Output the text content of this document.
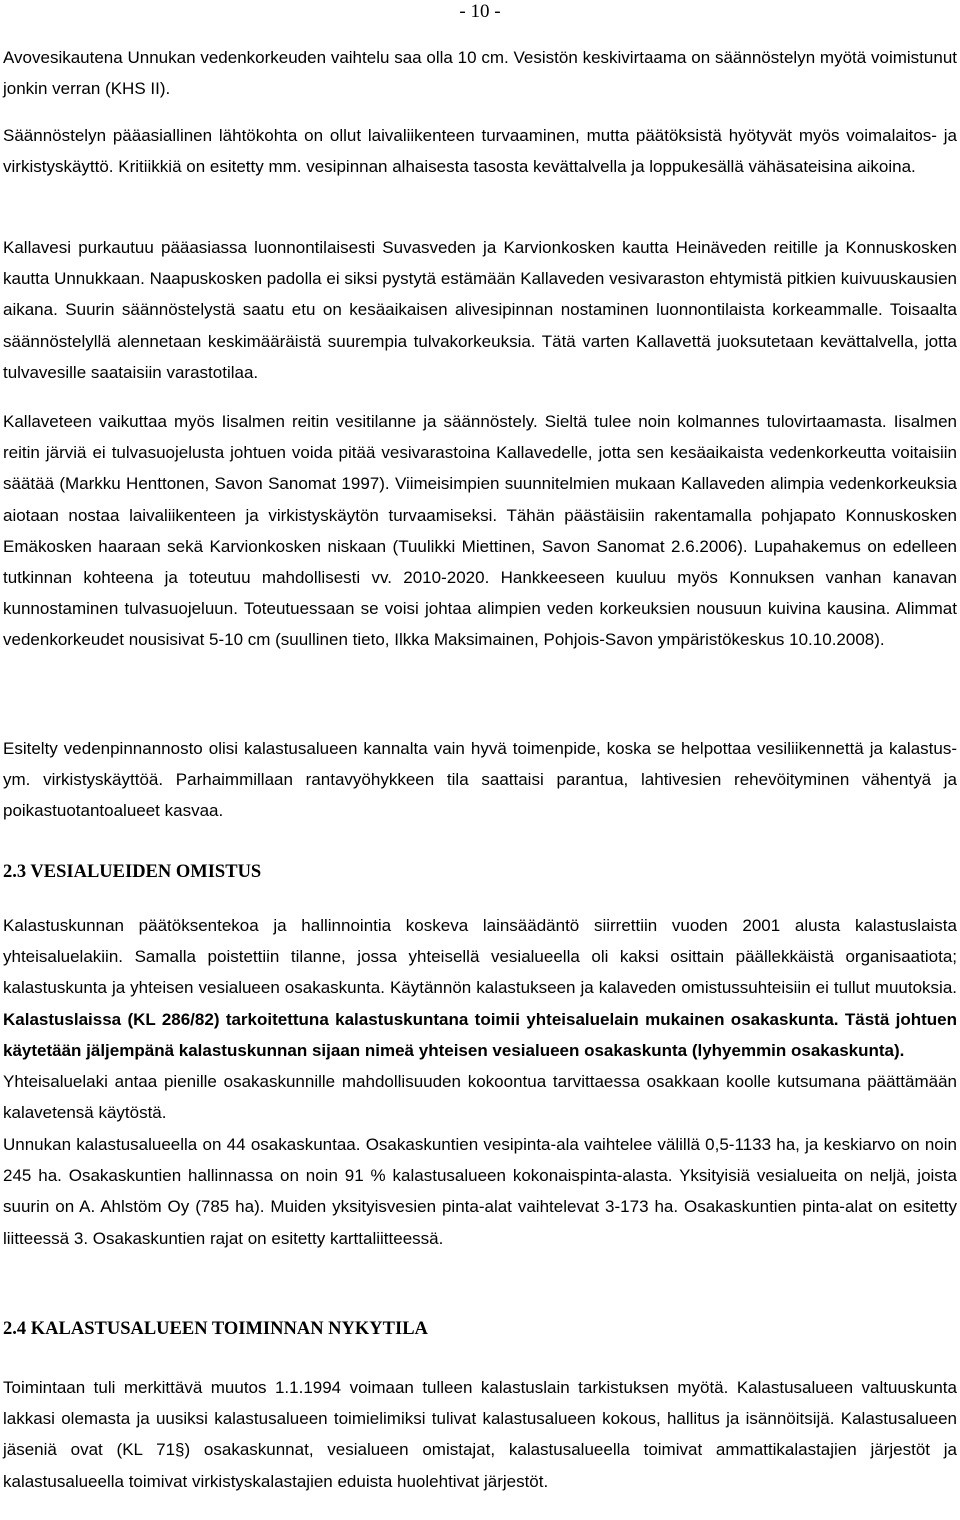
- 10 -

Avovesikautena Unnukan vedenkorkeuden vaihtelu saa olla 10 cm. Vesistön keskivirtaama on säännöstelyn myötä voimistunut jonkin verran (KHS II).

Säännöstelyn pääasiallinen lähtökohta on ollut laivaliikenteen turvaaminen, mutta päätöksistä hyötyvät myös voimalaitos- ja virkistyskäyttö. Kritiikkiä on esitetty mm. vesipinnan alhaisesta tasosta kevättalvella ja loppukesällä vähäsateisina aikoina.

Kallavesi purkautuu pääasiassa luonnontilaisesti Suvasveden ja Karvionkosken kautta Heinäveden reitille ja Konnuskosken kautta Unnukkaan. Naapuskosken padolla ei siksi pystytä estämään Kallaveden vesivaraston ehtymistä pitkien kuivuuskausien aikana. Suurin säännöstelystä saatu etu on kesäaikaisen alivesipinnan nostaminen luonnontilaista korkeammalle. Toisaalta säännöstelyllä alennetaan keskimääräistä suurempia tulvakorkeuksia. Tätä varten Kallavettä juoksutetaan kevättalvella, jotta tulvavesille saataisiin varastotilaa.

Kallaveteen vaikuttaa myös Iisalmen reitin vesitilanne ja säännöstely. Sieltä tulee noin kolmannes tulovirtaamasta. Iisalmen reitin järviä ei tulvasuojelusta johtuen voida pitää vesivarastoina Kallavedelle, jotta sen kesäaikaista vedenkorkeutta voitaisiin säätää (Markku Henttonen, Savon Sanomat 1997). Viimeisimpien suunnitelmien mukaan Kallaveden alimpia vedenkorkeuksia aiotaan nostaa laivaliikenteen ja virkistyskäytön turvaamiseksi. Tähän päästäisiin rakentamalla pohjapato Konnuskosken Emäkosken haaraan sekä Karvionkosken niskaan (Tuulikki Miettinen, Savon Sanomat 2.6.2006). Lupahakemus on edelleen tutkinnan kohteena ja toteutuu mahdollisesti vv. 2010-2020. Hankkeeseen kuuluu myös Konnuksen vanhan kanavan kunnostaminen tulvasuojeluun. Toteutuessaan se voisi johtaa alimpien veden korkeuksien nousuun kuivina kausina. Alimmat vedenkorkeudet nousisivat 5-10 cm (suullinen tieto, Ilkka Maksimainen, Pohjois-Savon ympäristökeskus 10.10.2008).

Esitelty vedenpinnannosto olisi kalastusalueen kannalta vain hyvä toimenpide, koska se helpottaa vesiliikennettä ja kalastus- ym. virkistyskäyttöä. Parhaimmillaan rantavyöhykkeen tila saattaisi parantua, lahtivesien rehevöityminen vähentyä ja poikastuotantoalueet kasvaa.

2.3 VESIALUEIDEN OMISTUS

Kalastuskunnan päätöksentekoa ja hallinnointia koskeva lainsäädäntö siirrettiin vuoden 2001 alusta kalastuslaista yhteisaluelakiin. Samalla poistettiin tilanne, jossa yhteisellä vesialueella oli kaksi osittain päällekkäistä organisaatiota; kalastuskunta ja yhteisen vesialueen osakaskunta. Käytännön kalastukseen ja kalaveden omistussuhteisiin ei tullut muutoksia. Kalastuslaissa (KL 286/82) tarkoitettuna kalastuskuntana toimii yhteisaluelain mukainen osakaskunta. Tästä johtuen käytetään jäljempänä kalastuskunnan sijaan nimeä yhteisen vesialueen osakaskunta (lyhyemmin osakaskunta).

Yhteisaluelaki antaa pienille osakaskunnille mahdollisuuden kokoontua tarvittaessa osakkaan koolle kutsumana päättämään kalavetensä käytöstä.

Unnukan kalastusalueella on 44 osakaskuntaa. Osakaskuntien vesipinta-ala vaihtelee välillä 0,5-1133 ha, ja keskiarvo on noin 245 ha. Osakaskuntien hallinnassa on noin 91 % kalastusalueen kokonaispinta-alasta. Yksityisiä vesialueita on neljä, joista suurin on A. Ahlstöm Oy (785 ha). Muiden yksityisvesien pinta-alat vaihtelevat 3-173 ha. Osakaskuntien pinta-alat on esitetty liitteessä 3. Osakaskuntien rajat on esitetty karttaliitteessä.

2.4 KALASTUSALUEEN TOIMINNAN NYKYTILA

Toimintaan tuli merkittävä muutos 1.1.1994 voimaan tulleen kalastuslain tarkistuksen myötä. Kalastusalueen valtuuskunta lakkasi olemasta ja uusiksi kalastusalueen toimielimiksi tulivat kalastusalueen kokous, hallitus ja isännöitsijä. Kalastusalueen jäseniä ovat (KL 71§) osakaskunnat, vesialueen omistajat, kalastusalueella toimivat ammattikalastajien järjestöt ja kalastusalueella toimivat virkistyskalastajien eduista huolehtivat järjestöt.
